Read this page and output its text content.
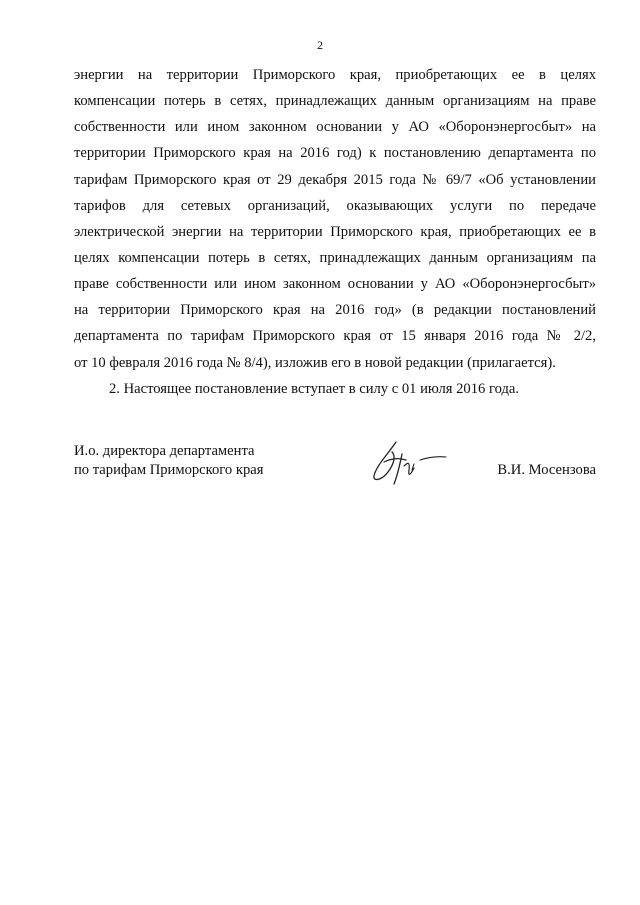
2
энергии на территории Приморского края, приобретающих ее в целях
компенсации потерь в сетях, принадлежащих данным организациям на праве
собственности или ином законном основании у АО «Оборонэнергосбыт» на
территории Приморского края на 2016 год) к постановлению департамента по
тарифам Приморского края от 29 декабря 2015 года № 69/7 «Об установлении
тарифов для сетевых организаций, оказывающих услуги по передаче
электрической энергии на территории Приморского края, приобретающих ее в
целях компенсации потерь в сетях, принадлежащих данным организациям па
праве собственности или ином законном основании у АО «Оборонэнергосбыт»
на территории Приморского края на 2016 год» (в редакции постановлений
департамента по тарифам Приморского края от 15 января 2016 года № 2/2,
от 10 февраля 2016 года № 8/4), изложив его в новой редакции (прилагается).
2. Настоящее постановление вступает в силу с 01 июля 2016 года.
И.о. директора департамента
по тарифам Приморского края	В.И. Мосензова
